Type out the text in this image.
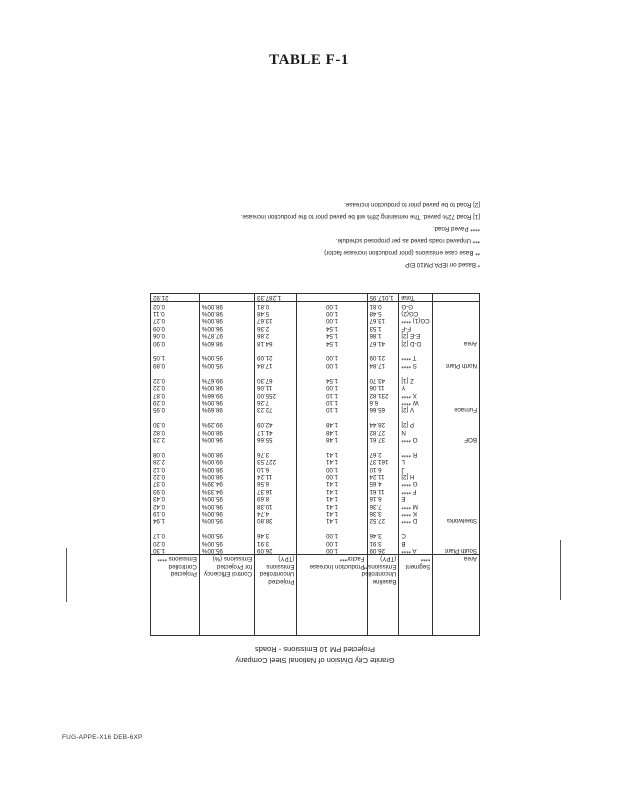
TABLE F-1
Granite City Division of National Steel Company
Projected PM 10 Emissions - Roads
Area	Segment ****	Baseline Uncontrolled Emissions** (TPY)	Production Increase Factor***	Projected Uncontrolled Emissions (TPY)	Control Efficiency for Projected Emissions (%)	Projected Controlled Emissions ****

South Plant	A ****	26.09	1.00	26.09	95.00%	1.30
	B	3.91	1.00	3.91	95.00%	0.20
	C	3.46	1.00	3.46	95.00%	0.17

Steelworks	D ****	27.52	1.41	38.80	95.00%	1.94
	K ****	3.36	1.41	4.74	96.00%	0.19
	M ****	7.36	1.41	10.38	96.00%	0.42
	E	6.16	1.41	8.69	95.00%	0.43
	F ****	11.61	1.41	16.37	94.33%	0.93
	G ****	4.65	1.41	6.56	94.39%	0.37
	H [2]	11.24	1.00	11.24	98.00%	0.22
	J	6.10	1.00	6.10	98.00%	0.12
	L	161.37	1.41	227.53	99.00%	2.28
	R ****	2.67	1.41	3.76	98.00%	0.08

BOF	O ****	37.61	1.48	55.66	96.00%	2.23
	N	27.82	1.48	41.17	98.00%	0.82
	P [2]	28.44	1.48	42.09	99.29%	0.30

Furnace	V [2]	65.66	1.10	72.23	98.69%	0.95
	W ****	6.6	1.10	7.26	96.00%	0.29
	X ****	231.82	1.10	255.00	99.66%	0.87
	Y	11.06	1.00	11.06	98.00%	0.22
	Z [1]	43.70	1.54	67.30	99.67%	0.22

North Plant	S ****	17.84	1.00	17.84	95.00%	0.89
	T ****	21.09	1.00	21.09	95.00%	1.05

Area	D-D [2]	41.67	1.54	64.18	98.60%	0.90
	E-E [2]	1.86	1.54	2.86	97.87%	0.06
	F-F	1.53	1.54	2.36	96.00%	0.09
	CG(1) ****	13.67	1.00	13.67	98.00%	0.27
	CG(2)	5.48	1.00	5.48	98.00%	0.11
	G-G	0.81	1.00	0.81	98.00%	0.02
	Total	1,017.95		1,287.33		21.92
* Based on IEPA PM10 EIP
** Base case emissions (prior production increase factor)
*** Unpaved roads paved as per proposed schedule.
**** Paved Road.
[1] Road 72% paved. The remaining 28% will be paved prior to the production increase.
[2] Road to be paved prior to production increase.
FUG-APPE-X16 DEB-6XP
